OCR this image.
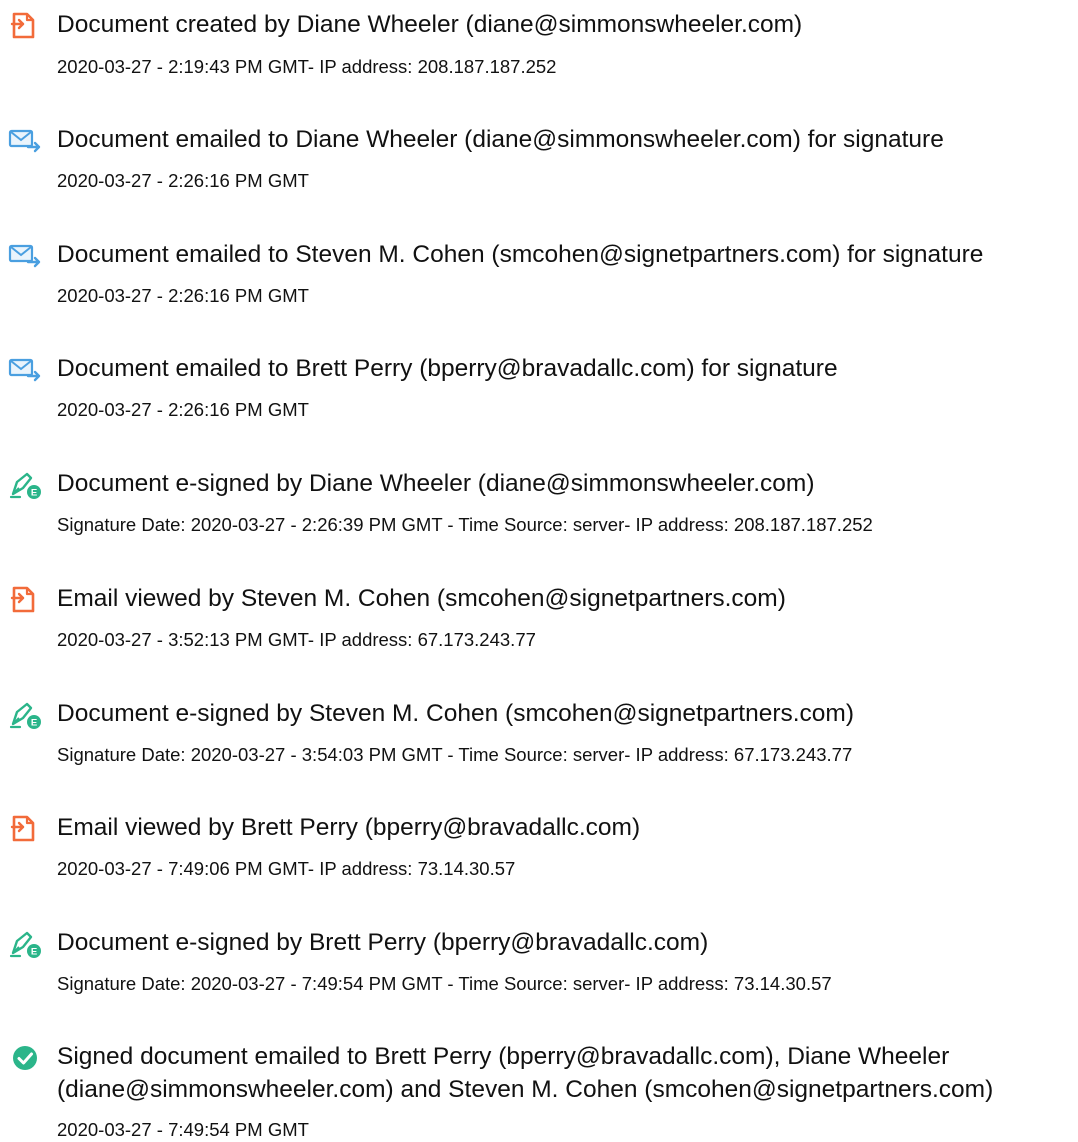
Document created by Diane Wheeler (diane@simmonswheeler.com)
2020-03-27 - 2:19:43 PM GMT- IP address: 208.187.187.252
Document emailed to Diane Wheeler (diane@simmonswheeler.com) for signature
2020-03-27 - 2:26:16 PM GMT
Document emailed to Steven M. Cohen (smcohen@signetpartners.com) for signature
2020-03-27 - 2:26:16 PM GMT
Document emailed to Brett Perry (bperry@bravadallc.com) for signature
2020-03-27 - 2:26:16 PM GMT
E Document e-signed by Diane Wheeler (diane@simmonswheeler.com)
Signature Date: 2020-03-27 - 2:26:39 PM GMT - Time Source: server- IP address: 208.187.187.252
Email viewed by Steven M. Cohen (smcohen@signetpartners.com)
2020-03-27 - 3:52:13 PM GMT- IP address: 67.173.243.77
E Document e-signed by Steven M. Cohen (smcohen@signetpartners.com)
Signature Date: 2020-03-27 - 3:54:03 PM GMT - Time Source: server- IP address: 67.173.243.77
Email viewed by Brett Perry (bperry@bravadallc.com)
2020-03-27 - 7:49:06 PM GMT- IP address: 73.14.30.57
E Document e-signed by Brett Perry (bperry@bravadallc.com)
Signature Date: 2020-03-27 - 7:49:54 PM GMT - Time Source: server- IP address: 73.14.30.57
Signed document emailed to Brett Perry (bperry@bravadallc.com), Diane Wheeler (diane@simmonswheeler.com) and Steven M. Cohen (smcohen@signetpartners.com)
2020-03-27 - 7:49:54 PM GMT
